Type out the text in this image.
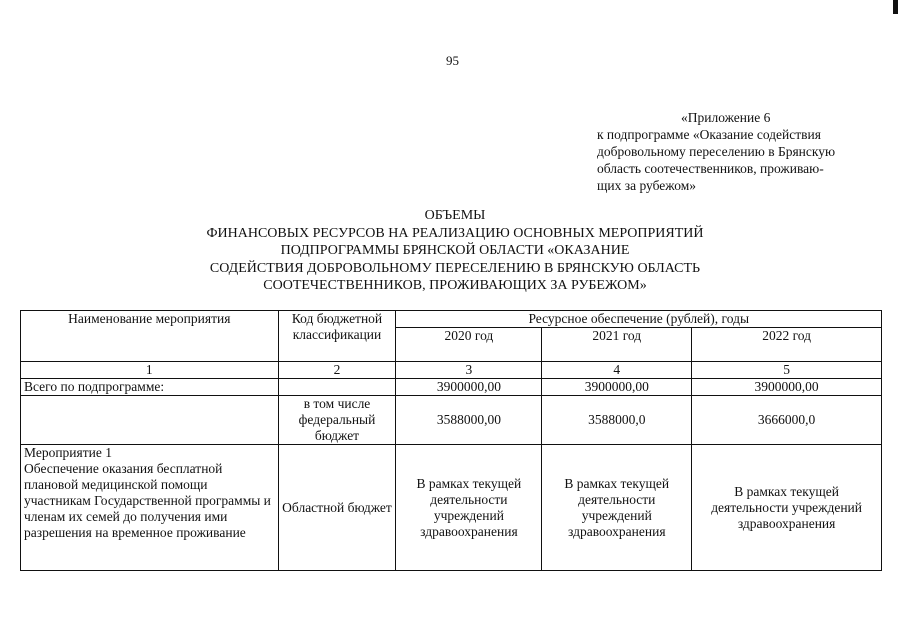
95
«Приложение 6
к подпрограмме «Оказание содействия
добровольному переселению в Брянскую
область соотечественников, проживаю-
щих за рубежом»
ОБЪЕМЫ
ФИНАНСОВЫХ РЕСУРСОВ НА РЕАЛИЗАЦИЮ ОСНОВНЫХ МЕРОПРИЯТИЙ
ПОДПРОГРАММЫ БРЯНСКОЙ ОБЛАСТИ «ОКАЗАНИЕ
СОДЕЙСТВИЯ ДОБРОВОЛЬНОМУ ПЕРЕСЕЛЕНИЮ В БРЯНСКУЮ ОБЛАСТЬ
СООТЕЧЕСТВЕННИКОВ, ПРОЖИВАЮЩИХ ЗА РУБЕЖОМ»
Наименование мероприятия	Код бюджетной классификации	Ресурсное обеспечение (рублей), годы		
		2020 год	2021 год	2022 год
1	2	3	4	5
Всего по подпрограмме:		3900000,00	3900000,00	3900000,00
	в том числе федеральный бюджет	3588000,00	3588000,0	3666000,0

Мероприятие 1
Обеспечение оказания бесплатной плановой медицинской помощи участникам Государственной программы и членам их семей до получения ими разрешения на временное проживание	Областной бюджет	В рамках текущей деятельности учреждений здравоохранения	В рамках текущей деятельности учреждений здравоохранения	В рамках текущей деятельности учреждений здравоохранения
